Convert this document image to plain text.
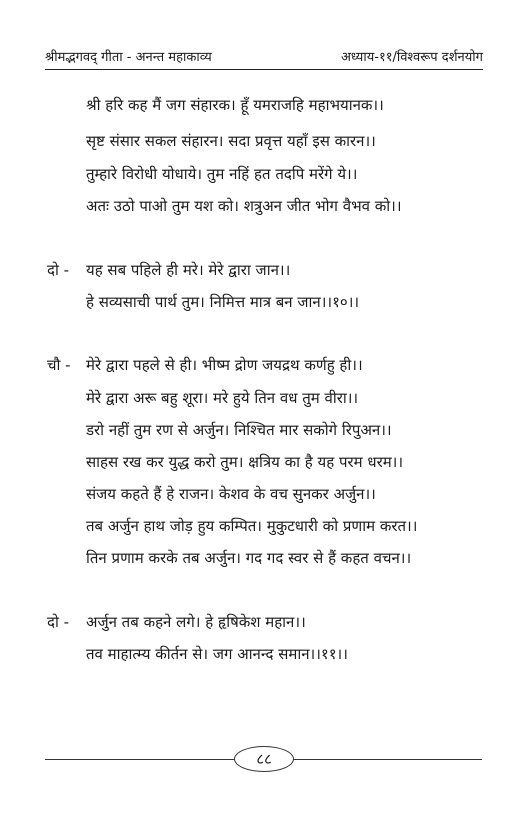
श्रीमद्भगवद् गीता - अनन्त महाकाव्य	अध्याय-११/विश्वरूप दर्शनयोग
श्री हरि कह मैं जग संहारक। हूँ यमराजहि महाभयानक।।
सृष्ट संसार सकल संहारन। सदा प्रवृत्त यहाँ इस कारन।।
तुम्हारे विरोधी योधाये। तुम नहिं हत तदपि मरेंगे ये।।
अतः उठो पाओ तुम यश को। शत्रुअन जीत भोग वैभव को।।
दो - यह सब पहिले ही मरे। मेरे द्वारा जान।।
हे सव्यसाची पार्थ तुम। निमित्त मात्र बन जान।।१०।।
चौ - मेरे द्वारा पहले से ही। भीष्म द्रोण जयद्रथ कर्णहु ही।।
मेरे द्वारा अरू बहु शूरा। मरे हुये तिन वध तुम वीरा।।
डरो नहीं तुम रण से अर्जुन। निश्चित मार सकोगे रिपुअन।।
साहस रख कर युद्ध करो तुम। क्षत्रिय का है यह परम धरम।।
संजय कहते हैं हे राजन। केशव के वच सुनकर अर्जुन।।
तब अर्जुन हाथ जोड़ हुय कम्पित। मुकुटधारी को प्रणाम करत।।
तिन प्रणाम करके तब अर्जुन। गद गद स्वर से हैं कहत वचन।।
दो - अर्जुन तब कहने लगे। हे हृषिकेश महान।।
तव माहात्म्य कीर्तन से। जग आनन्द समान।।११।।
८८
